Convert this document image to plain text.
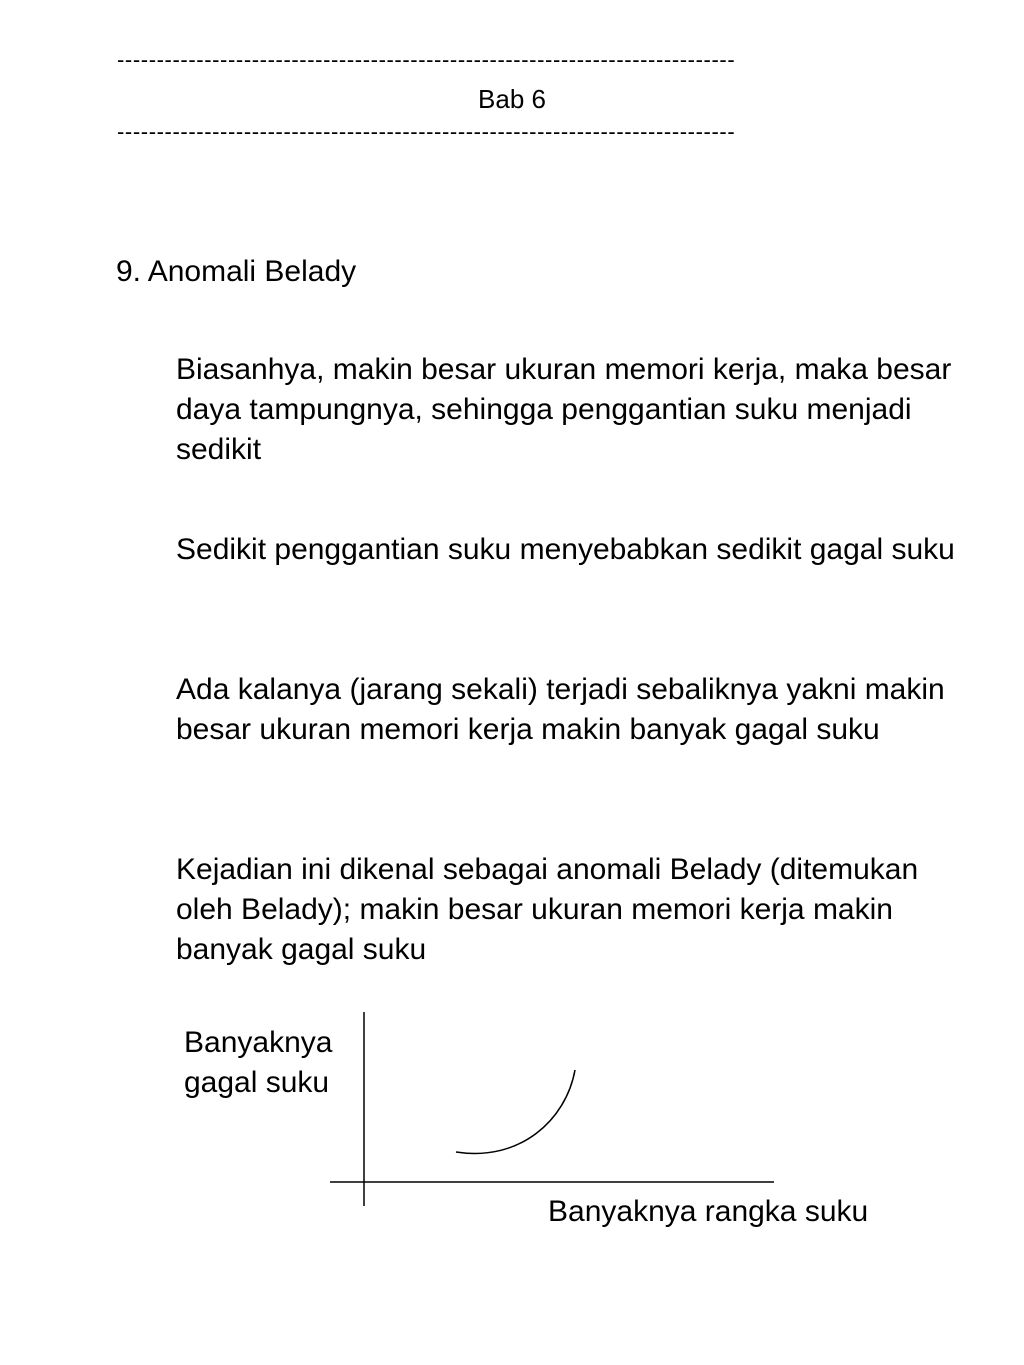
------------------------------------------------------------------------------
Bab 6
------------------------------------------------------------------------------
9. Anomali Belady
Biasanhya, makin besar ukuran memori kerja, maka besar daya tampungnya, sehingga penggantian suku menjadi sedikit
Sedikit penggantian suku menyebabkan sedikit gagal suku
Ada kalanya (jarang sekali) terjadi sebaliknya yakni makin besar ukuran memori kerja makin banyak gagal suku
Kejadian ini dikenal sebagai anomali Belady (ditemukan oleh Belady); makin besar ukuran memori kerja makin banyak gagal suku
Banyaknya gagal suku
Banyaknya rangka suku
